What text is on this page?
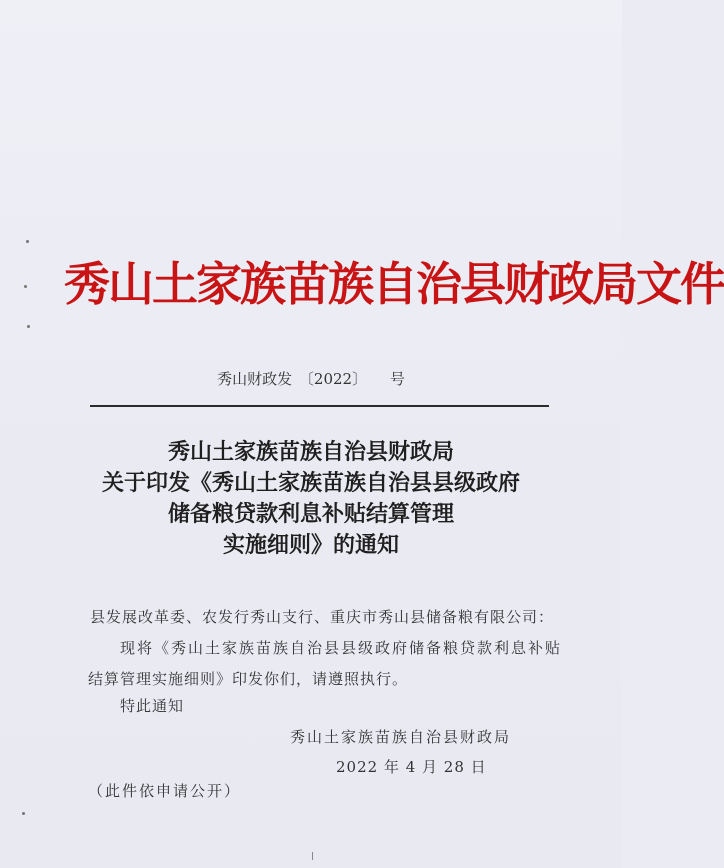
秀山土家族苗族自治县财政局文件
秀山财政发 〔2022〕 号
秀山土家族苗族自治县财政局
关于印发《秀山土家族苗族自治县县级政府
储备粮贷款利息补贴结算管理
实施细则》的通知
县发展改革委、农发行秀山支行、重庆市秀山县储备粮有限公司：
现将《秀山土家族苗族自治县县级政府储备粮贷款利息补贴
结算管理实施细则》印发你们，请遵照执行。
特此通知
秀山土家族苗族自治县财政局
2022 年 4 月 28 日
（此件依申请公开）
